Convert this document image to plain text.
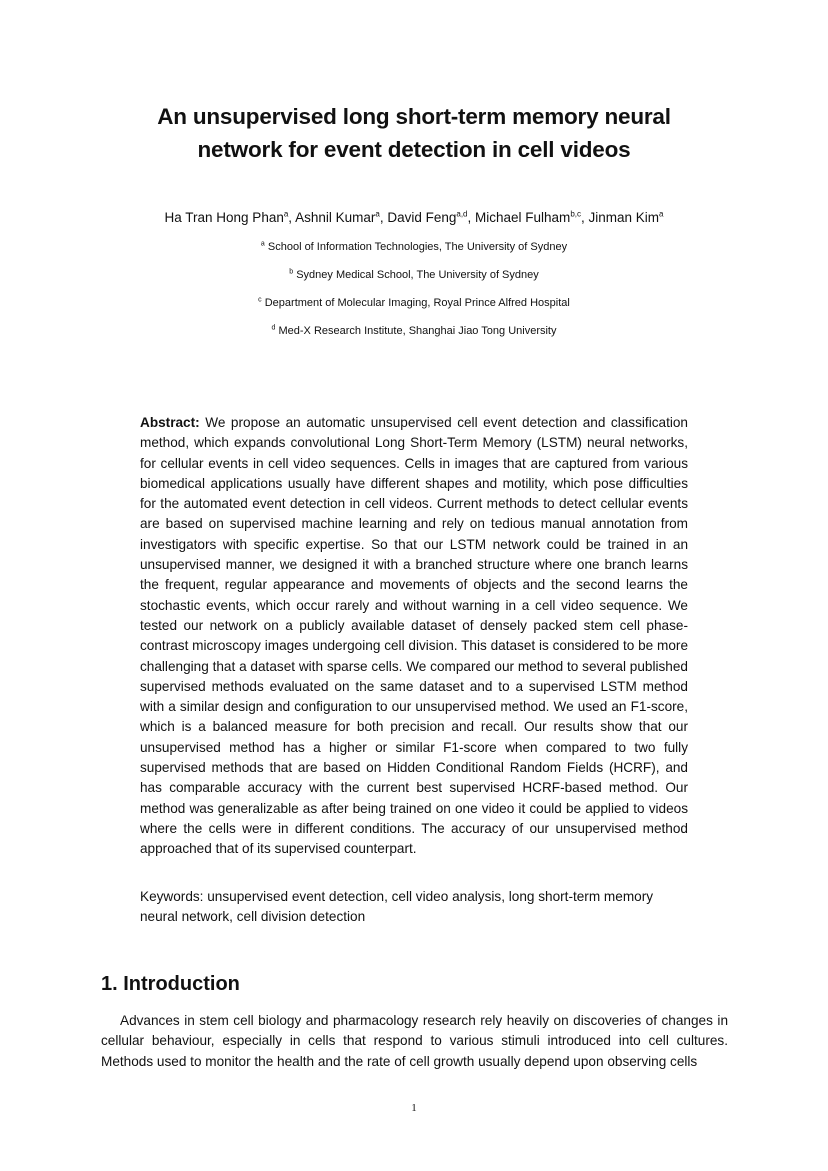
An unsupervised long short-term memory neural
network for event detection in cell videos
Ha Tran Hong Phan$^a$, Ashnil Kumar$^a$, David Feng$^{a,d}$, Michael Fulham$^{b,c}$, Jinman Kim$^a$
$^a$ School of Information Technologies, The University of Sydney
$^b$ Sydney Medical School, The University of Sydney
$^c$ Department of Molecular Imaging, Royal Prince Alfred Hospital
$^d$ Med-X Research Institute, Shanghai Jiao Tong University

Abstract: We propose an automatic unsupervised cell event detection and classification method, which expands convolutional Long Short-Term Memory (LSTM) neural networks, for cellular events in cell video sequences. Cells in images that are captured from various biomedical applications usually have different shapes and motility, which pose difficulties for the automated event detection in cell videos. Current methods to detect cellular events are based on supervised machine learning and rely on tedious manual annotation from investigators with specific expertise. So that our LSTM network could be trained in an unsupervised manner, we designed it with a branched structure where one branch learns the frequent, regular appearance and movements of objects and the second learns the stochastic events, which occur rarely and without warning in a cell video sequence. We tested our network on a publicly available dataset of densely packed stem cell phase-contrast microscopy images undergoing cell division. This dataset is considered to be more challenging that a dataset with sparse cells. We compared our method to several published supervised methods evaluated on the same dataset and to a supervised LSTM method with a similar design and configuration to our unsupervised method. We used an F1-score, which is a balanced measure for both precision and recall. Our results show that our unsupervised method has a higher or similar F1-score when compared to two fully supervised methods that are based on Hidden Conditional Random Fields (HCRF), and has comparable accuracy with the current best supervised HCRF-based method. Our method was generalizable as after being trained on one video it could be applied to videos where the cells were in different conditions. The accuracy of our unsupervised method approached that of its supervised counterpart.

Keywords: unsupervised event detection, cell video analysis, long short-term memory neural network, cell division detection

1. Introduction

Advances in stem cell biology and pharmacology research rely heavily on discoveries of changes in cellular behaviour, especially in cells that respond to various stimuli introduced into cell cultures. Methods used to monitor the health and the rate of cell growth usually depend upon observing cells

1
